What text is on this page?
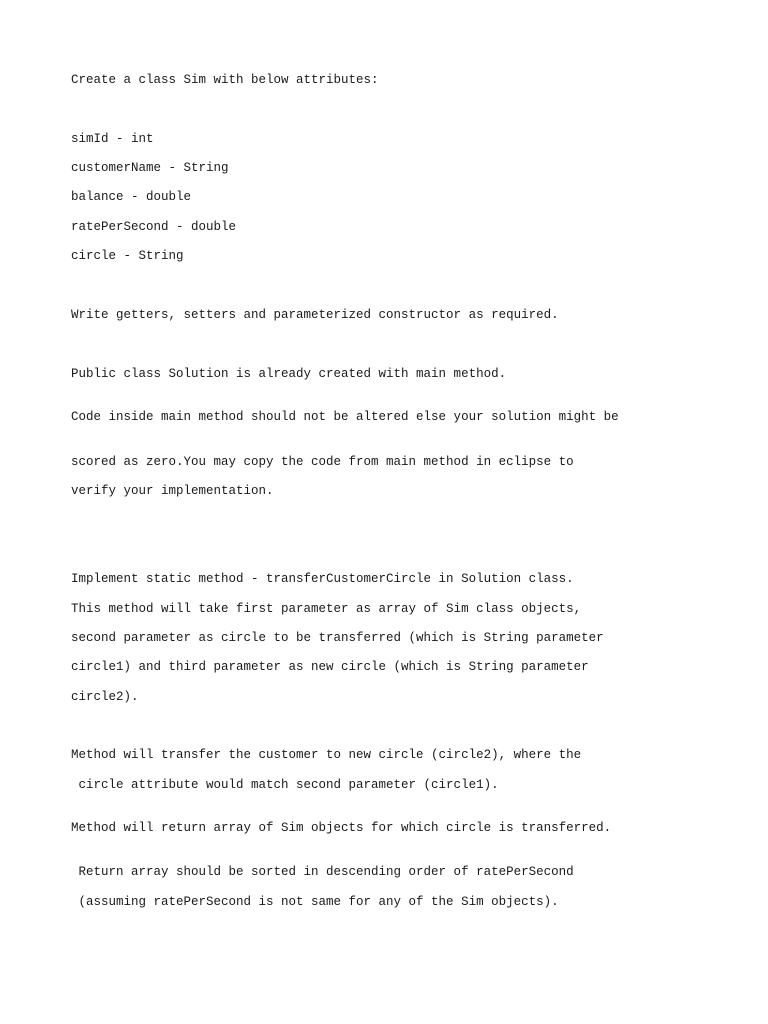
Create a class Sim with below attributes:
simId - int
customerName - String
balance - double
ratePerSecond - double
circle - String
Write getters, setters and parameterized constructor as required.
Public class Solution is already created with main method.
Code inside main method should not be altered else your solution might be
scored as zero.You may copy the code from main method in eclipse to
verify your implementation.
Implement static method - transferCustomerCircle in Solution class.
This method will take first parameter as array of Sim class objects,
second parameter as circle to be transferred (which is String parameter
circle1) and third parameter as new circle (which is String parameter
circle2).
Method will transfer the customer to new circle (circle2), where the
circle attribute would match second parameter (circle1).
Method will return array of Sim objects for which circle is transferred.
Return array should be sorted in descending order of ratePerSecond
(assuming ratePerSecond is not same for any of the Sim objects).
